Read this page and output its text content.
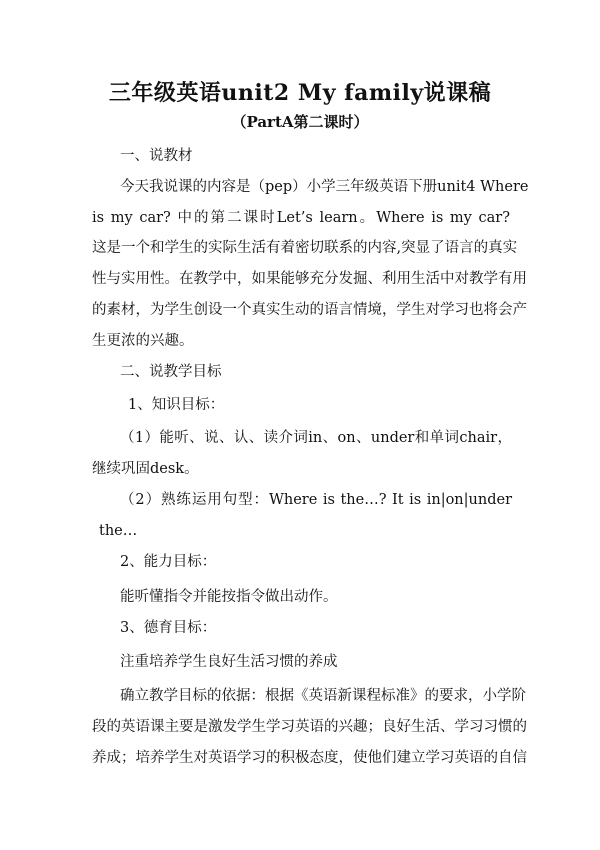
三年级英语unit2 My family说课稿
（PartA第二课时）
一、说教材
今天我说课的内容是（pep）小学三年级英语下册unit4 Where
is my car? 中的第二课时Let’s learn。Where is my car?
这是一个和学生的实际生活有着密切联系的内容,突显了语言的真实
性与实用性。在教学中，如果能够充分发掘、利用生活中对教学有用
的素材，为学生创设一个真实生动的语言情境，学生对学习也将会产
生更浓的兴趣。
二、说教学目标
1、知识目标：
（1）能听、说、认、读介词in、on、under和单词chair，
继续巩固desk。
（2）熟练运用句型：Where is the…? It is in|on|under
the…
2、能力目标：
能听懂指令并能按指令做出动作。
3、德育目标：
注重培养学生良好生活习惯的养成
确立教学目标的依据：根据《英语新课程标准》的要求，小学阶
段的英语课主要是激发学生学习英语的兴趣；良好生活、学习习惯的
养成；培养学生对英语学习的积极态度，使他们建立学习英语的自信
